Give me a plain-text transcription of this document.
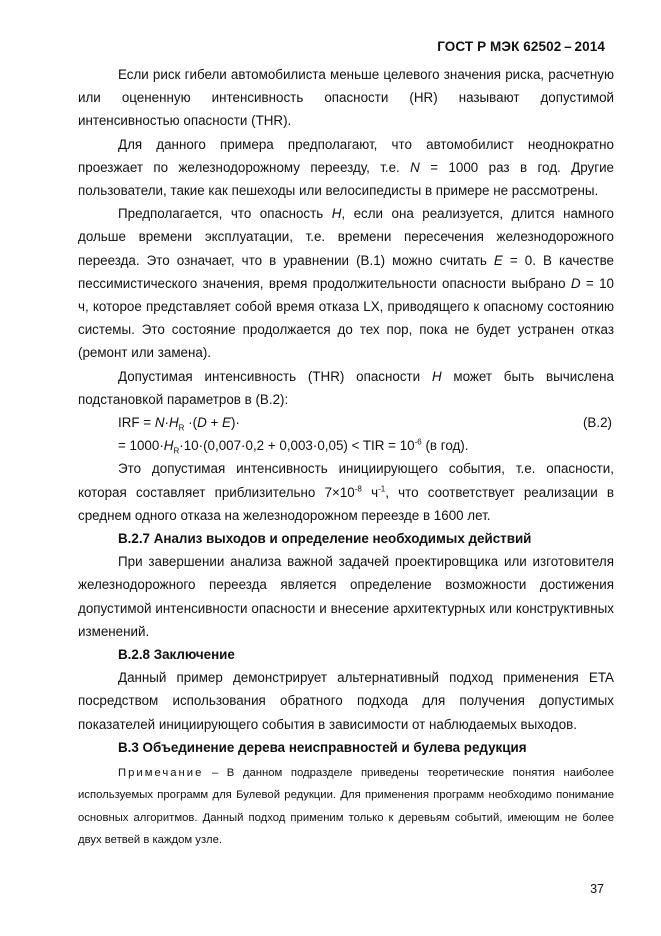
ГОСТ Р МЭК 62502 – 2014

Если риск гибели автомобилиста меньше целевого значения риска, расчетную или оцененную интенсивность опасности (HR) называют допустимой интенсивностью опасности (THR).

Для данного примера предполагают, что автомобилист неоднократно проезжает по железнодорожному переезду, т.е. N = 1000 раз в год. Другие пользователи, такие как пешеходы или велосипедисты в примере не рассмотрены.

Предполагается, что опасность H, если она реализуется, длится намного дольше времени эксплуатации, т.е. времени пересечения железнодорожного переезда. Это означает, что в уравнении (В.1) можно считать E = 0. В качестве пессимистического значения, время продолжительности опасности выбрано D = 10 ч, которое представляет собой время отказа LX, приводящего к опасному состоянию системы. Это состояние продолжается до тех пор, пока не будет устранен отказ (ремонт или замена).

Допустимая интенсивность (THR) опасности H может быть вычислена подстановкой параметров в (В.2):

IRF = $N\cdot H_R \cdot(D + E)\cdot$	(В.2)
= $1000\cdot H_R\cdot 10\cdot(0,007\cdot 0,2 + 0,003\cdot 0,05)$ < TIR = $10^{-6}$ (в год).

Это допустимая интенсивность инициирующего события, т.е. опасности, которая составляет приблизительно $7\times 10^{-8}$ $ч^{-1}$, что соответствует реализации в среднем одного отказа на железнодорожном переезде в 1600 лет.

В.2.7 Анализ выходов и определение необходимых действий

При завершении анализа важной задачей проектировщика или изготовителя железнодорожного переезда является определение возможности достижения допустимой интенсивности опасности и внесение архитектурных или конструктивных изменений.

В.2.8 Заключение

Данный пример демонстрирует альтернативный подход применения ETA посредством использования обратного подхода для получения допустимых показателей инициирующего события в зависимости от наблюдаемых выходов.

В.3 Объединение дерева неисправностей и булева редукция

Примечание – В данном подразделе приведены теоретические понятия наиболее используемых программ для Булевой редукции. Для применения программ необходимо понимание основных алгоритмов. Данный подход применим только к деревьям событий, имеющим не более двух ветвей в каждом узле.

37
